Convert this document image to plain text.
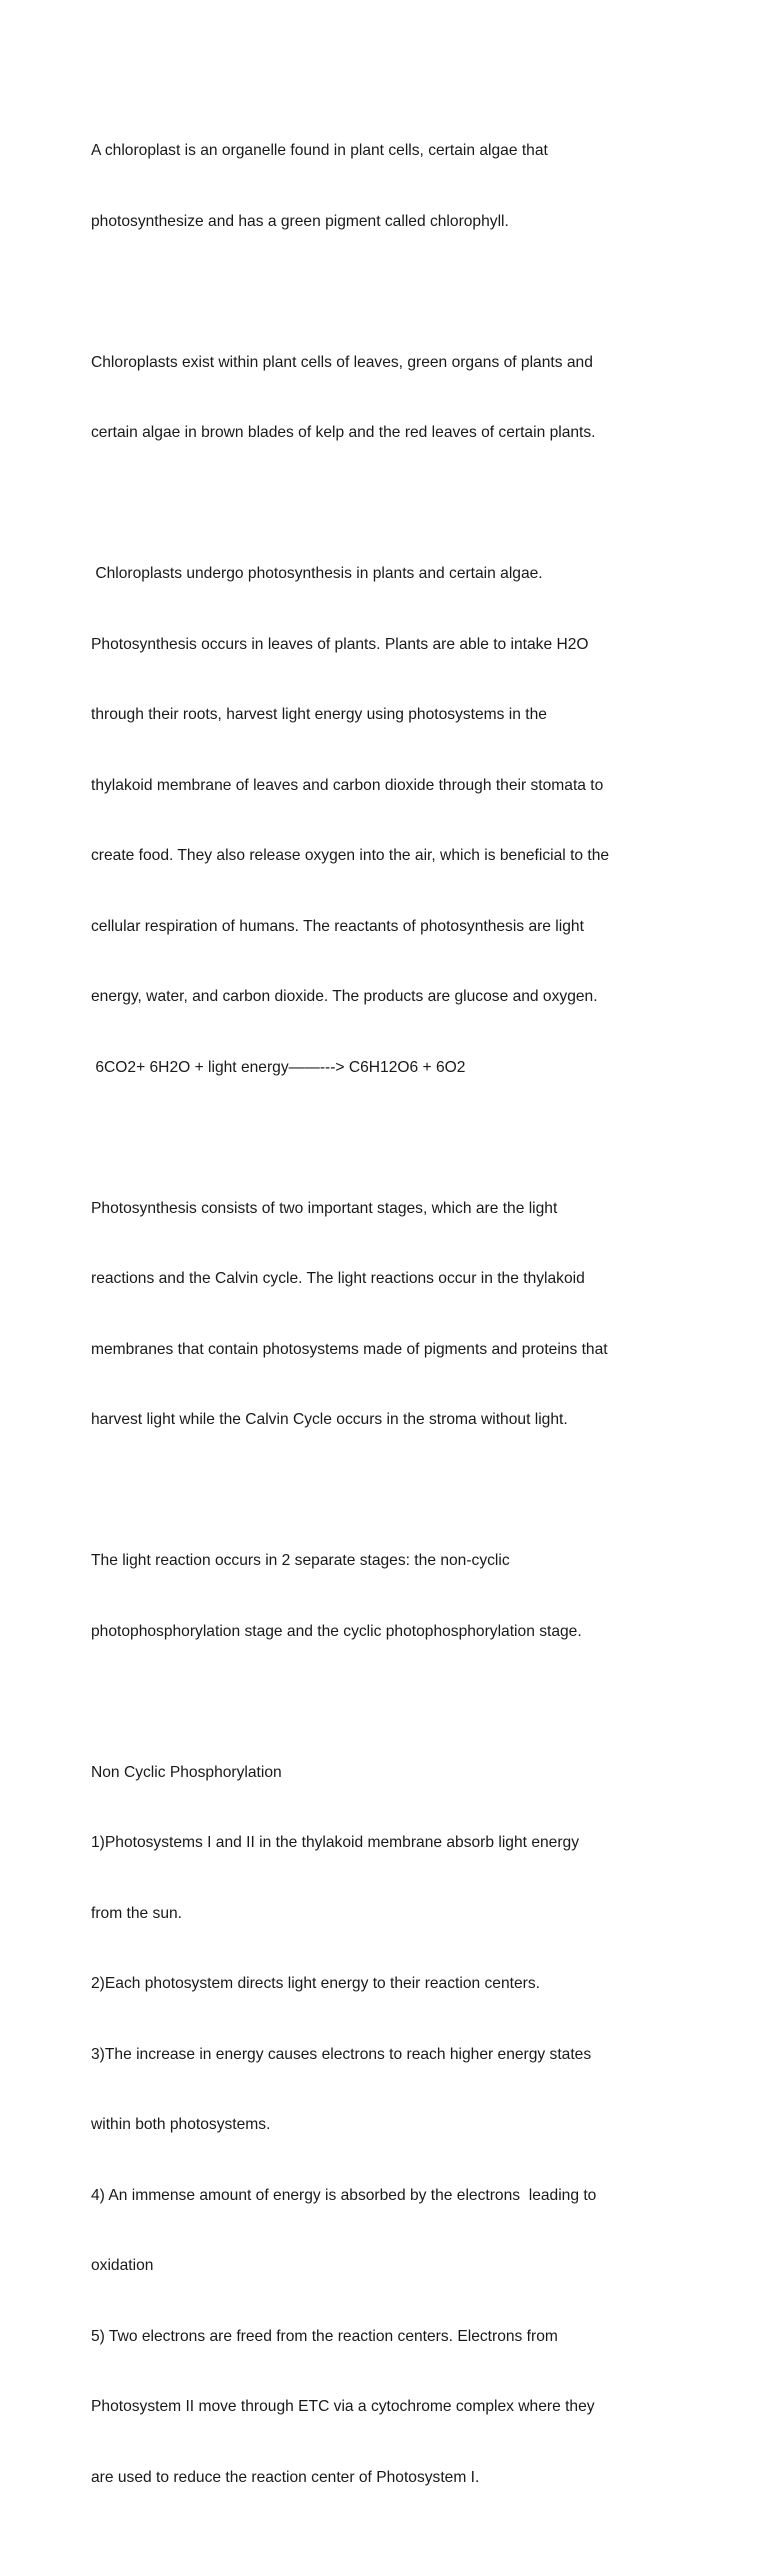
A chloroplast is an organelle found in plant cells, certain algae that

photosynthesize and has a green pigment called chlorophyll.

Chloroplasts exist within plant cells of leaves, green organs of plants and

certain algae in brown blades of kelp and the red leaves of certain plants.

Chloroplasts undergo photosynthesis in plants and certain algae.

Photosynthesis occurs in leaves of plants. Plants are able to intake H2O

through their roots, harvest light energy using photosystems in the

thylakoid membrane of leaves and carbon dioxide through their stomata to

create food. They also release oxygen into the air, which is beneficial to the

cellular respiration of humans. The reactants of photosynthesis are light

energy, water, and carbon dioxide. The products are glucose and oxygen.

6CO2+ 6H2O + light energy——---> C6H12O6 + 6O2

Photosynthesis consists of two important stages, which are the light

reactions and the Calvin cycle. The light reactions occur in the thylakoid

membranes that contain photosystems made of pigments and proteins that

harvest light while the Calvin Cycle occurs in the stroma without light.

The light reaction occurs in 2 separate stages: the non-cyclic

photophosphorylation stage and the cyclic photophosphorylation stage.

Non Cyclic Phosphorylation

1)Photosystems I and II in the thylakoid membrane absorb light energy

from the sun.

2)Each photosystem directs light energy to their reaction centers.

3)The increase in energy causes electrons to reach higher energy states

within both photosystems.

4) An immense amount of energy is absorbed by the electrons  leading to

oxidation

5) Two electrons are freed from the reaction centers. Electrons from

Photosystem II move through ETC via a cytochrome complex where they

are used to reduce the reaction center of Photosystem I.
